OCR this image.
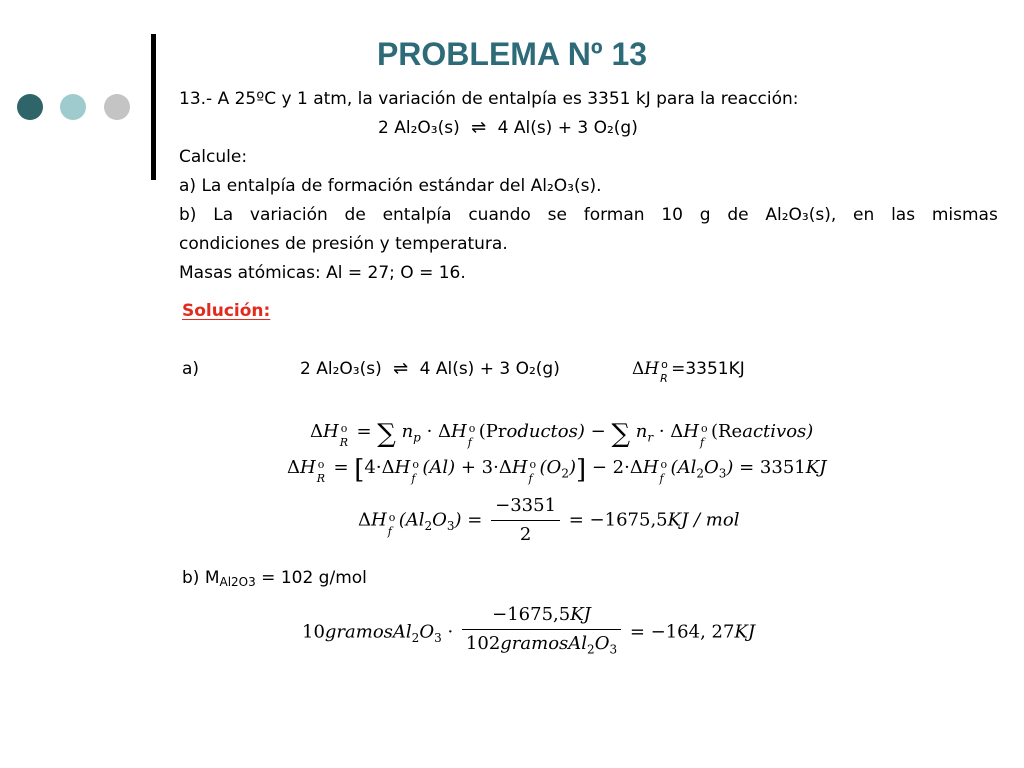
PROBLEMA Nº 13
13.- A 25ºC y 1 atm, la variación de entalpía es 3351 kJ para la reacción:
2 Al₂O₃(s) ⇌ 4 Al(s) + 3 O₂(g)
Calcule:
a) La entalpía de formación estándar del Al₂O₃(s).
b) La variación de entalpía cuando se forman 10 g de Al₂O₃(s), en las mismas
condiciones de presión y temperatura.
Masas atómicas: Al = 27; O = 16.
Solución:
a)	2 Al₂O₃(s) ⇌ 4 Al(s) + 3 O₂(g)	ΔH o
R =3351KJ
ΔH o
R
= ∑ $n_p \cdot \Delta H$ o
f
(Productos) − ∑ $n_r \cdot \Delta H$ o
f
(Reactivos)
ΔH o
R
= [4·ΔH o
f
(Al) + 3·ΔH o
f
$(O_2)] - 2\cdot\Delta H$ o
f
$(Al_2O_3) = 3351KJ$
ΔH o
f
$(Al_2O_3) = \frac{-3351}{2} = -1675,5KJ$ / mol
b) MAl2O3 = 102 g/mol
$10gramosAl_2O_3 \cdot \frac{-1675,5KJ}{102gramosAl_2O_3} = -164$, 27KJ
